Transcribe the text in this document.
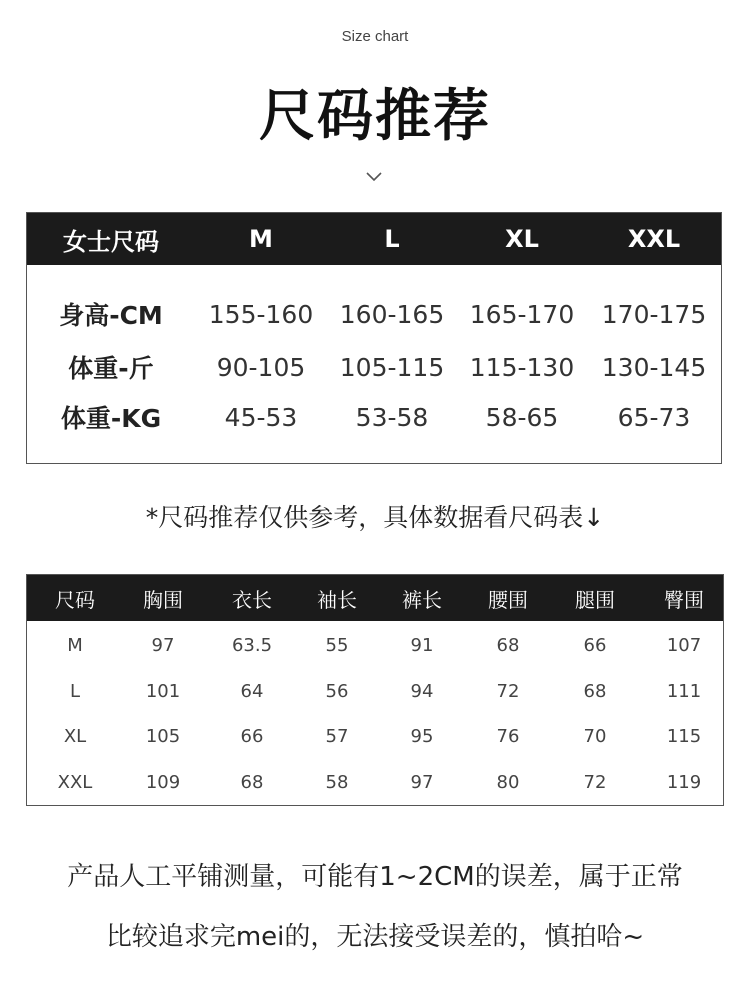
Size chart
尺码推荐
女士尺码	M	L	XL	XXL
身高-CM	155-160	160-165	165-170	170-175
体重-斤	90-105	105-115	115-130	130-145
体重-KG	45-53	53-58	58-65	65-73
*尺码推荐仅供参考，具体数据看尺码表↓
尺码	胸围	衣长	袖长	裤长	腰围	腿围	臀围
M	97	63.5	55	91	68	66	107
L	101	64	56	94	72	68	111
XL	105	66	57	95	76	70	115
XXL	109	68	58	97	80	72	119
产品人工平铺测量，可能有1~2CM的误差，属于正常
比较追求完mei的，无法接受误差的，慎拍哈~
